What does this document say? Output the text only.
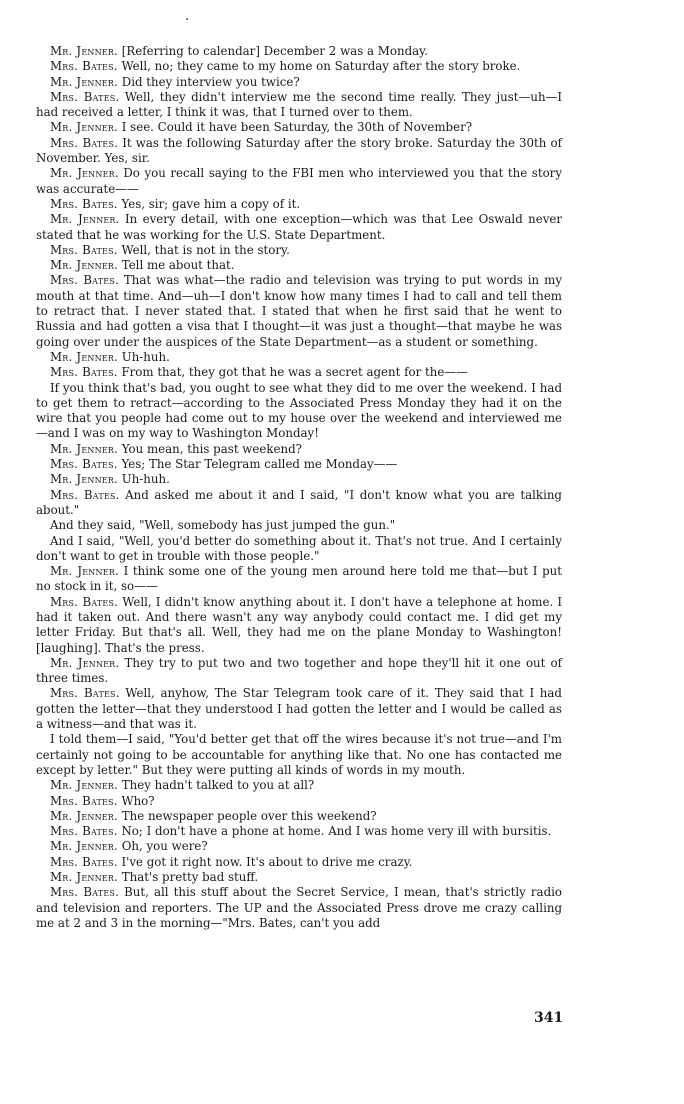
Mr. Jenner. [Referring to calendar] December 2 was a Monday.

Mrs. Bates. Well, no; they came to my home on Saturday after the story broke.

Mr. Jenner. Did they interview you twice?

Mrs. Bates. Well, they didn't interview me the second time really. They just—uh—I had received a letter, I think it was, that I turned over to them.

Mr. Jenner. I see. Could it have been Saturday, the 30th of November?

Mrs. Bates. It was the following Saturday after the story broke. Saturday the 30th of November. Yes, sir.

Mr. Jenner. Do you recall saying to the FBI men who interviewed you that the story was accurate——

Mrs. Bates. Yes, sir; gave him a copy of it.

Mr. Jenner. In every detail, with one exception—which was that Lee Oswald never stated that he was working for the U.S. State Department.

Mrs. Bates. Well, that is not in the story.

Mr. Jenner. Tell me about that.

Mrs. Bates. That was what—the radio and television was trying to put words in my mouth at that time. And—uh—I don't know how many times I had to call and tell them to retract that. I never stated that. I stated that when he first said that he went to Russia and had gotten a visa that I thought—it was just a thought—that maybe he was going over under the auspices of the State Department—as a student or something.

Mr. Jenner. Uh-huh.

Mrs. Bates. From that, they got that he was a secret agent for the——

If you think that's bad, you ought to see what they did to me over the weekend. I had to get them to retract—according to the Associated Press Monday they had it on the wire that you people had come out to my house over the weekend and interviewed me—and I was on my way to Washington Monday!

Mr. Jenner. You mean, this past weekend?

Mrs. Bates. Yes; The Star Telegram called me Monday——

Mr. Jenner. Uh-huh.

Mrs. Bates. And asked me about it and I said, "I don't know what you are talking about."

And they said, "Well, somebody has just jumped the gun."

And I said, "Well, you'd better do something about it. That's not true. And I certainly don't want to get in trouble with those people."

Mr. Jenner. I think some one of the young men around here told me that—but I put no stock in it, so——

Mrs. Bates. Well, I didn't know anything about it. I don't have a telephone at home. I had it taken out. And there wasn't any way anybody could contact me. I did get my letter Friday. But that's all. Well, they had me on the plane Monday to Washington! [laughing]. That's the press.

Mr. Jenner. They try to put two and two together and hope they'll hit it one out of three times.

Mrs. Bates. Well, anyhow, The Star Telegram took care of it. They said that I had gotten the letter—that they understood I had gotten the letter and I would be called as a witness—and that was it.

I told them—I said, "You'd better get that off the wires because it's not true—and I'm certainly not going to be accountable for anything like that. No one has contacted me except by letter." But they were putting all kinds of words in my mouth.

Mr. Jenner. They hadn't talked to you at all?

Mrs. Bates. Who?

Mr. Jenner. The newspaper people over this weekend?

Mrs. Bates. No; I don't have a phone at home. And I was home very ill with bursitis.

Mr. Jenner. Oh, you were?

Mrs. Bates. I've got it right now. It's about to drive me crazy.

Mr. Jenner. That's pretty bad stuff.

Mrs. Bates. But, all this stuff about the Secret Service, I mean, that's strictly radio and television and reporters. The UP and the Associated Press drove me crazy calling me at 2 and 3 in the morning—"Mrs. Bates, can't you add

341
